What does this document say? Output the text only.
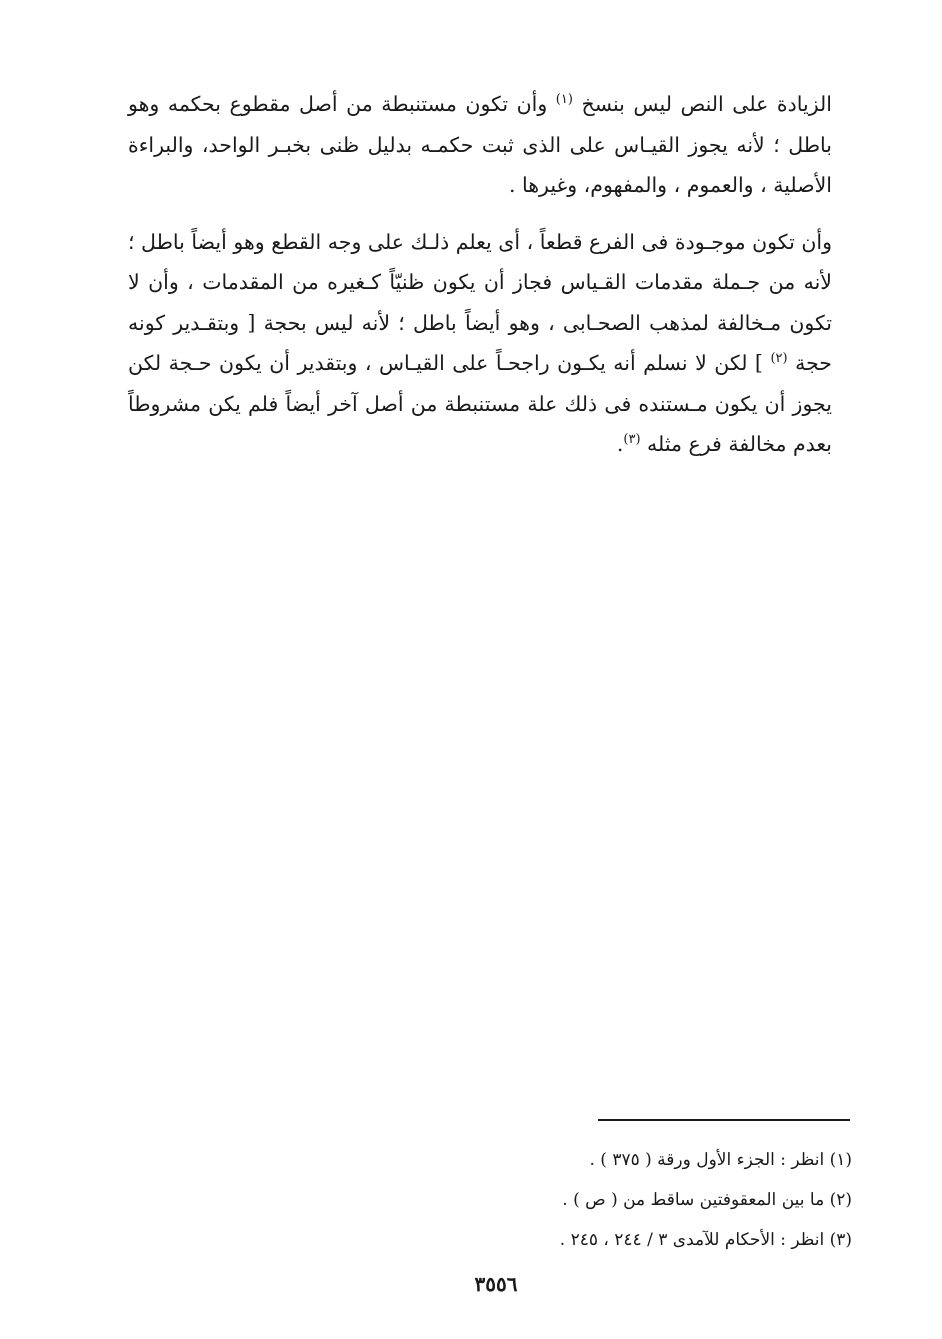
الزيادة على النص ليس بنسخ $^{(١)}$ وأن تكون مستنبطة من أصل مقطوع بحكمه وهو باطل ؛ لأنه يجوز القيـاس على الذى ثبت حكمـه بدليل ظنى بخبـر الواحد، والبراءة الأصلية ، والعموم ، والمفهوم، وغيرها .

وأن تكون موجـودة فى الفرع قطعاً ، أى يعلم ذلـك على وجه القطع وهو أيضاً باطل ؛ لأنه من جـملة مقدمات القـياس فجاز أن يكون ظنيّاً كـغيره من المقدمات ، وأن لا تكون مـخالفة لمذهب الصحـابى ، وهو أيضاً باطل ؛ لأنه ليس بحجة [ وبتقـدير كونه حجة $^{(٢)}$ ] لكن لا نسلم أنه يكـون راجحـاً على القيـاس ، وبتقدير أن يكون حـجة لكن يجوز أن يكون مـستنده فى ذلك علة مستنبطة من أصل آخر أيضاً فلم يكن مشروطاً بعدم مخالفة فرع مثله $^{(٣)}$.

(١) انظر : الجزء الأول ورقة ( ٣٧٥ ) .

(٢) ما بين المعقوفتين ساقط من ( ص ) .

(٣) انظر : الأحكام للآمدى ٣ / ٢٤٤ ، ٢٤٥ .

٣٥٥٦
